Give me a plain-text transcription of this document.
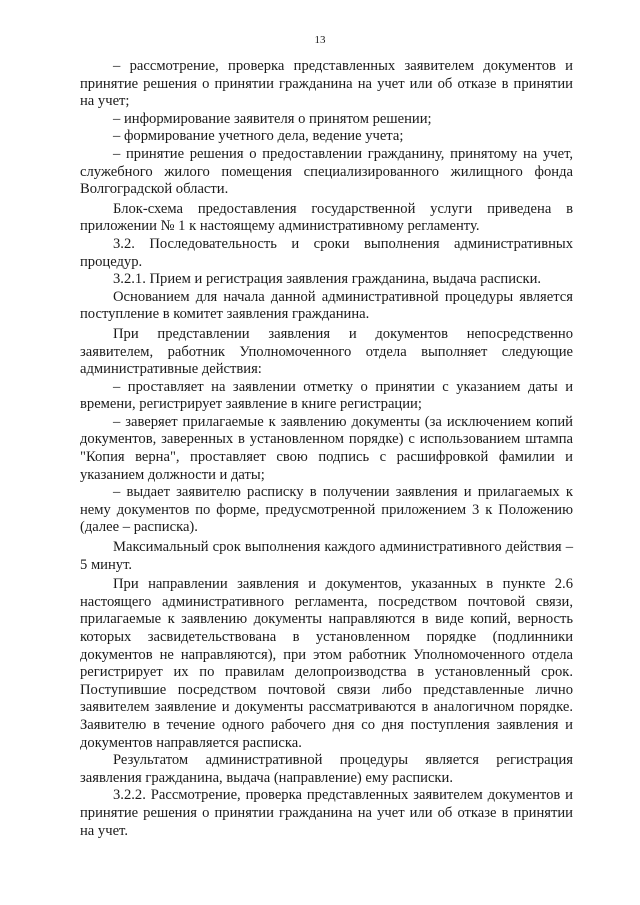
13

– рассмотрение, проверка представленных заявителем документов и принятие решения о принятии гражданина на учет или об отказе в принятии на учет;

– информирование заявителя о принятом решении;

– формирование учетного дела, ведение учета;

– принятие решения о предоставлении гражданину, принятому на учет, служебного жилого помещения специализированного жилищного фонда Волгоградской области.

Блок-схема предоставления государственной услуги приведена в приложении № 1 к настоящему административному регламенту.

3.2. Последовательность и сроки выполнения административных процедур.

3.2.1. Прием и регистрация заявления гражданина, выдача расписки.

Основанием для начала данной административной процедуры является поступление в комитет заявления гражданина.

При представлении заявления и документов непосредственно заявителем, работник Уполномоченного отдела выполняет следующие административные действия:

– проставляет на заявлении отметку о принятии с указанием даты и времени, регистрирует заявление в книге регистрации;

– заверяет прилагаемые к заявлению документы (за исключением копий документов, заверенных в установленном порядке) с использованием штампа "Копия верна", проставляет свою подпись с расшифровкой фамилии и указанием должности и даты;

– выдает заявителю расписку в получении заявления и прилагаемых к нему документов по форме, предусмотренной приложением 3 к Положению (далее – расписка).

Максимальный срок выполнения каждого административного действия – 5 минут.

При направлении заявления и документов, указанных в пункте 2.6 настоящего административного регламента, посредством почтовой связи, прилагаемые к заявлению документы направляются в виде копий, верность которых засвидетельствована в установленном порядке (подлинники документов не направляются), при этом работник Уполномоченного отдела регистрирует их по правилам делопроизводства в установленный срок. Поступившие посредством почтовой связи либо представленные лично заявителем заявление и документы рассматриваются в аналогичном порядке. Заявителю в течение одного рабочего дня со дня поступления заявления и документов направляется расписка.

Результатом административной процедуры является регистрация заявления гражданина, выдача (направление) ему расписки.

3.2.2. Рассмотрение, проверка представленных заявителем документов и принятие решения о принятии гражданина на учет или об отказе в принятии на учет.
